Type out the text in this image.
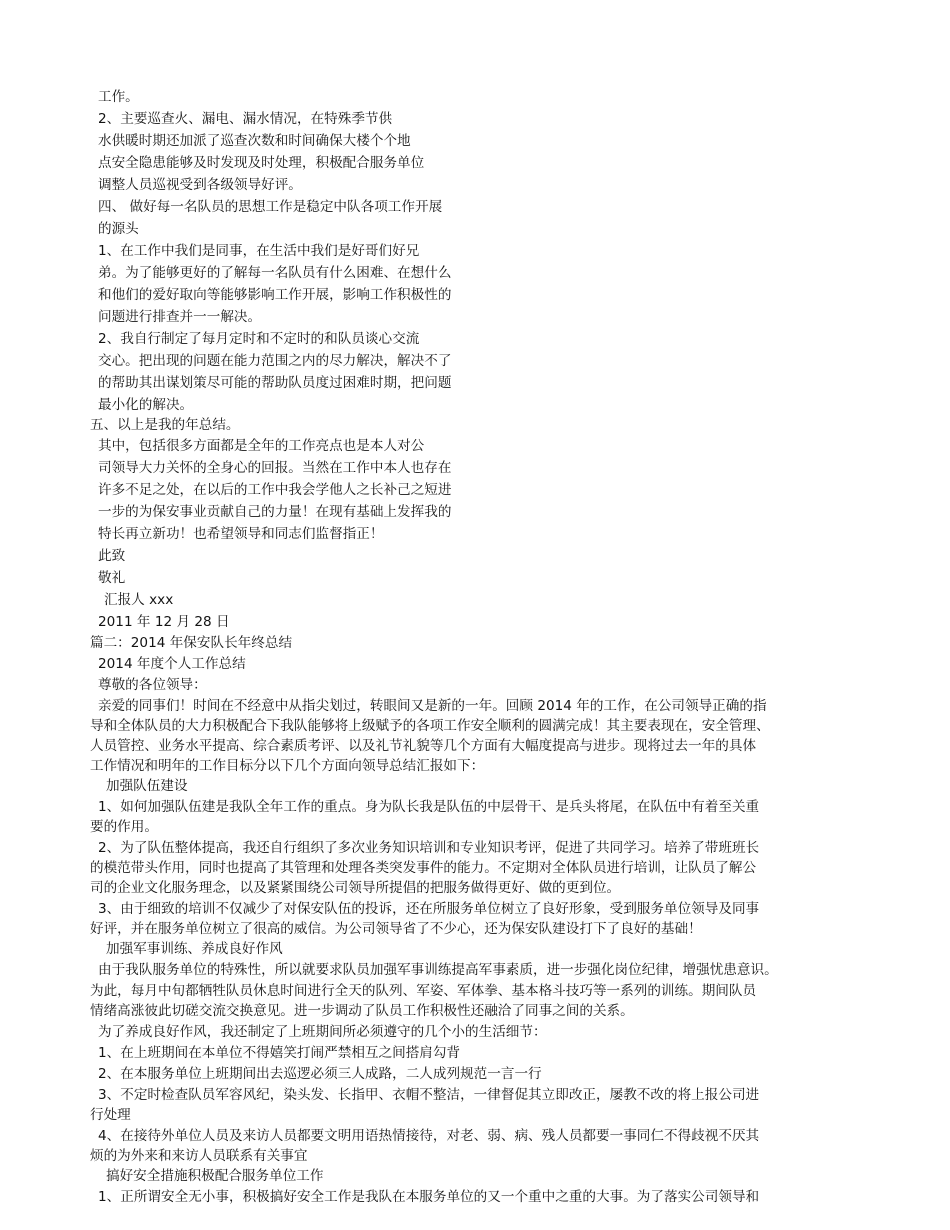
工作。
2、主要巡查火、漏电、漏水情况，在特殊季节供
水供暖时期还加派了巡查次数和时间确保大楼个个地
点安全隐患能够及时发现及时处理，积极配合服务单位
调整人员巡视受到各级领导好评。
四、 做好每一名队员的思想工作是稳定中队各项工作开展
的源头
1、在工作中我们是同事，在生活中我们是好哥们好兄
弟。为了能够更好的了解每一名队员有什么困难、在想什么
和他们的爱好取向等能够影响工作开展，影响工作积极性的
问题进行排查并一一解决。
2、我自行制定了每月定时和不定时的和队员谈心交流
交心。把出现的问题在能力范围之内的尽力解决，解决不了
的帮助其出谋划策尽可能的帮助队员度过困难时期，把问题
最小化的解决。
五、以上是我的年总结。
其中，包括很多方面都是全年的工作亮点也是本人对公
司领导大力关怀的全身心的回报。当然在工作中本人也存在
许多不足之处，在以后的工作中我会学他人之长补己之短进
一步的为保安事业贡献自己的力量！在现有基础上发挥我的
特长再立新功！也希望领导和同志们监督指正！
此致
敬礼
汇报人 xxx
2011 年 12 月 28 日
篇二：2014 年保安队长年终总结
2014 年度个人工作总结
尊敬的各位领导：
亲爱的同事们！时间在不经意中从指尖划过，转眼间又是新的一年。回顾 2014 年的工作，在公司领导正确的指
导和全体队员的大力积极配合下我队能够将上级赋予的各项工作安全顺利的圆满完成！其主要表现在，安全管理、
人员管控、业务水平提高、综合素质考评、以及礼节礼貌等几个方面有大幅度提高与进步。现将过去一年的具体
工作情况和明年的工作目标分以下几个方面向领导总结汇报如下：
加强队伍建设
1、如何加强队伍建是我队全年工作的重点。身为队长我是队伍的中层骨干、是兵头将尾，在队伍中有着至关重
要的作用。
2、为了队伍整体提高，我还自行组织了多次业务知识培训和专业知识考评，促进了共同学习。培养了带班班长
的模范带头作用，同时也提高了其管理和处理各类突发事件的能力。不定期对全体队员进行培训，让队员了解公
司的企业文化服务理念，以及紧紧围绕公司领导所提倡的把服务做得更好、做的更到位。
3、由于细致的培训不仅减少了对保安队伍的投诉，还在所服务单位树立了良好形象，受到服务单位领导及同事
好评，并在服务单位树立了很高的威信。为公司领导省了不少心，还为保安队建设打下了良好的基础！
加强军事训练、养成良好作风
由于我队服务单位的特殊性，所以就要求队员加强军事训练提高军事素质，进一步强化岗位纪律，增强忧患意识。
为此，每月中旬都牺牲队员休息时间进行全天的队列、军姿、军体拳、基本格斗技巧等一系列的训练。期间队员
情绪高涨彼此切磋交流交换意见。进一步调动了队员工作积极性还融洽了同事之间的关系。
为了养成良好作风，我还制定了上班期间所必须遵守的几个小的生活细节：
1、在上班期间在本单位不得嬉笑打闹严禁相互之间搭肩勾背
2、在本服务单位上班期间出去巡逻必须三人成路，二人成列规范一言一行
3、不定时检查队员军容风纪，染头发、长指甲、衣帽不整洁，一律督促其立即改正，屡教不改的将上报公司进
行处理
4、在接待外单位人员及来访人员都要文明用语热情接待，对老、弱、病、残人员都要一事同仁不得歧视不厌其
烦的为外来和来访人员联系有关事宜
搞好安全措施积极配合服务单位工作
1、正所谓安全无小事，积极搞好安全工作是我队在本服务单位的又一个重中之重的大事。为了落实公司领导和
